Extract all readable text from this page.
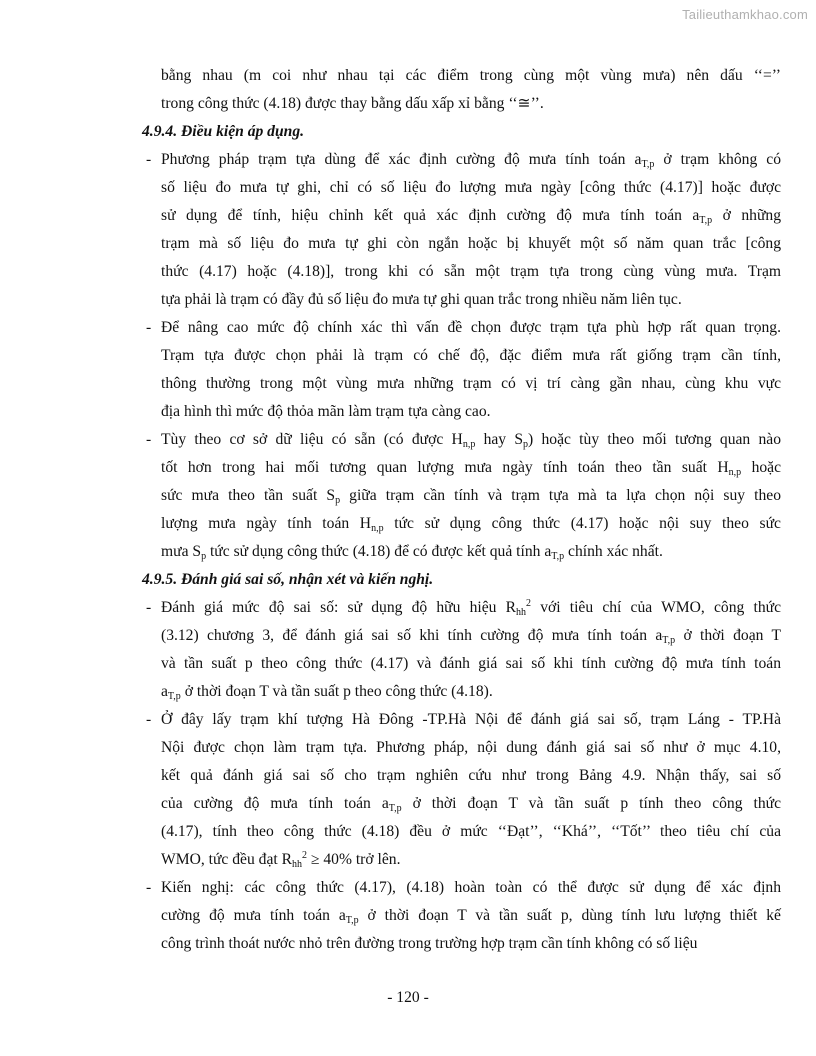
Tailieuthamkhao.com
bằng nhau (m coi như nhau tại các điểm trong cùng một vùng mưa) nên dấu ‘‘=’’
trong công thức (4.18) được thay bằng dấu xấp xỉ bằng ‘‘≅’’.
4.9.4. Điều kiện áp dụng.
- Phương pháp trạm tựa dùng để xác định cường độ mưa tính toán $a_{T,p}$ ở trạm không có
số liệu đo mưa tự ghi, chỉ có số liệu đo lượng mưa ngày [công thức (4.17)] hoặc được
sử dụng để tính, hiệu chỉnh kết quả xác định cường độ mưa tính toán $a_{T,p}$ ở những
trạm mà số liệu đo mưa tự ghi còn ngắn hoặc bị khuyết một số năm quan trắc [công
thức (4.17) hoặc (4.18)], trong khi có sẵn một trạm tựa trong cùng vùng mưa. Trạm
tựa phải là trạm có đầy đủ số liệu đo mưa tự ghi quan trắc trong nhiều năm liên tục.
- Để nâng cao mức độ chính xác thì vấn đề chọn được trạm tựa phù hợp rất quan trọng.
Trạm tựa được chọn phải là trạm có chế độ, đặc điểm mưa rất giống trạm cần tính,
thông thường trong một vùng mưa những trạm có vị trí càng gần nhau, cùng khu vực
địa hình thì mức độ thỏa mãn làm trạm tựa càng cao.
- Tùy theo cơ sở dữ liệu có sẵn (có được $H_{n,p}$ hay $S_p$) hoặc tùy theo mối tương quan nào
tốt hơn trong hai mối tương quan lượng mưa ngày tính toán theo tần suất $H_{n,p}$ hoặc
sức mưa theo tần suất $S_p$ giữa trạm cần tính và trạm tựa mà ta lựa chọn nội suy theo
lượng mưa ngày tính toán $H_{n,p}$ tức sử dụng công thức (4.17) hoặc nội suy theo sức
mưa $S_p$ tức sử dụng công thức (4.18) để có được kết quả tính $a_{T,p}$ chính xác nhất.
4.9.5. Đánh giá sai số, nhận xét và kiến nghị.
- Đánh giá mức độ sai số: sử dụng độ hữu hiệu $R_{hh}^2$ với tiêu chí của WMO, công thức
(3.12) chương 3, để đánh giá sai số khi tính cường độ mưa tính toán $a_{T,p}$ ở thời đoạn T
và tần suất p theo công thức (4.17) và đánh giá sai số khi tính cường độ mưa tính toán
$a_{T,p}$ ở thời đoạn T và tần suất p theo công thức (4.18).
- Ở đây lấy trạm khí tượng Hà Đông -TP.Hà Nội để đánh giá sai số, trạm Láng - TP.Hà
Nội được chọn làm trạm tựa. Phương pháp, nội dung đánh giá sai số như ở mục 4.10,
kết quả đánh giá sai số cho trạm nghiên cứu như trong Bảng 4.9. Nhận thấy, sai số
của cường độ mưa tính toán $a_{T,p}$ ở thời đoạn T và tần suất p tính theo công thức
(4.17), tính theo công thức (4.18) đều ở mức ‘‘Đạt’’, ‘‘Khá’’, ‘‘Tốt’’ theo tiêu chí của
WMO, tức đều đạt $R_{hh}^2 \ge 40\%$ trở lên.
- Kiến nghị: các công thức (4.17), (4.18) hoàn toàn có thể được sử dụng để xác định
cường độ mưa tính toán $a_{T,p}$ ở thời đoạn T và tần suất p, dùng tính lưu lượng thiết kế
công trình thoát nước nhỏ trên đường trong trường hợp trạm cần tính không có số liệu
- 120 -
